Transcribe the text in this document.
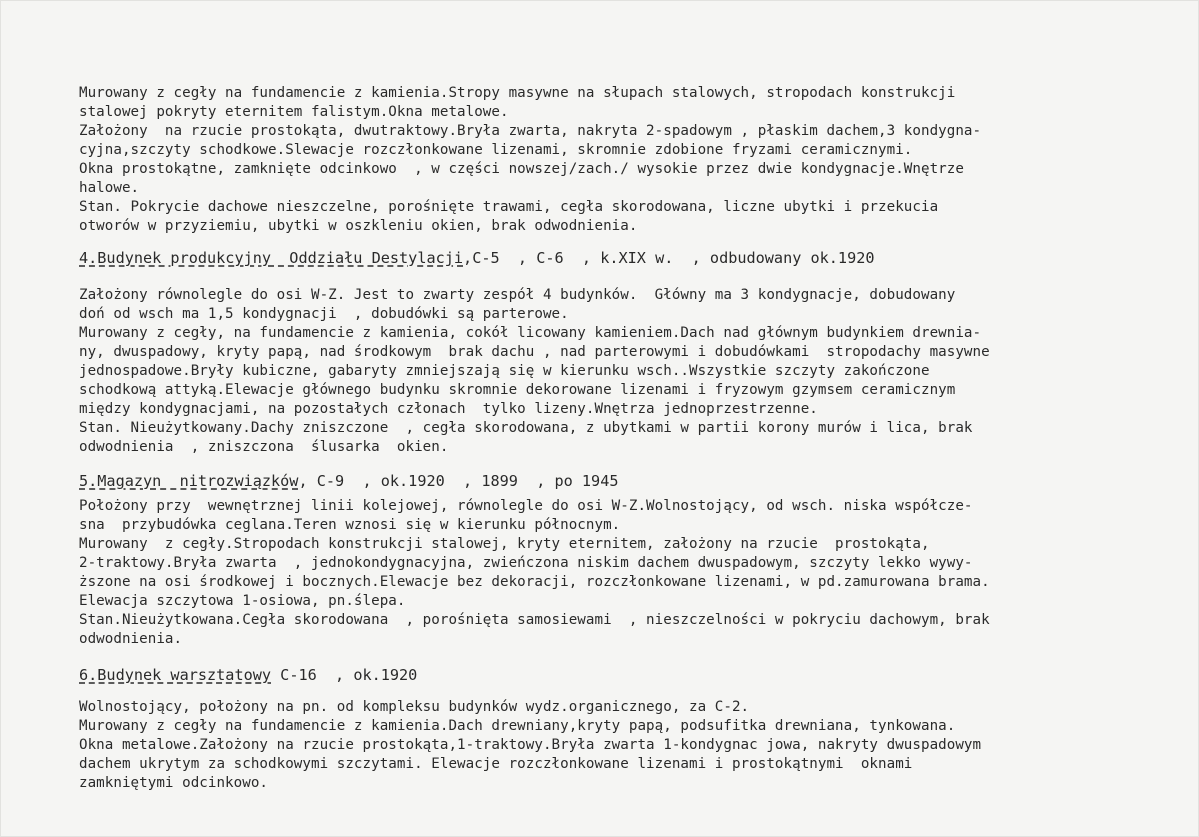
Murowany z cegły na fundamencie z kamienia.Stropy masywne na słupach stalowych, stropodach konstrukcji
stalowej pokryty eternitem falistym.Okna metalowe.
Założony  na rzucie prostokąta, dwutraktowy.Bryła zwarta, nakryta 2-spadowym , płaskim dachem,3 kondygna-
cyjna,szczyty schodkowe.Slewacje rozczłonkowane lizenami, skromnie zdobione fryzami ceramicznymi.
Okna prostokątne, zamknięte odcinkowo  , w części nowszej/zach./ wysokie przez dwie kondygnacje.Wnętrze
halowe.
Stan. Pokrycie dachowe nieszczelne, porośnięte trawami, cegła skorodowana, liczne ubytki i przekucia
otworów w przyziemiu, ubytki w oszkleniu okien, brak odwodnienia.
4.Budynek produkcyjny  Oddziału Destylacji,C-5  , C-6  , k.XIX w.  , odbudowany ok.1920
Założony równolegle do osi W-Z. Jest to zwarty zespół 4 budynków.  Główny ma 3 kondygnacje, dobudowany
doń od wsch ma 1,5 kondygnacji  , dobudówki są parterowe.
Murowany z cegły, na fundamencie z kamienia, cokół licowany kamieniem.Dach nad głównym budynkiem drewnia-
ny, dwuspadowy, kryty papą, nad środkowym  brak dachu , nad parterowymi i dobudówkami  stropodachy masywne
jednospadowe.Bryły kubiczne, gabaryty zmniejszają się w kierunku wsch..Wszystkie szczyty zakończone
schodkową attyką.Elewacje głównego budynku skromnie dekorowane lizenami i fryzowym gzymsem ceramicznym
między kondygnacjami, na pozostałych członach  tylko lizeny.Wnętrza jednoprzestrzenne.
Stan. Nieużytkowany.Dachy zniszczone  , cegła skorodowana, z ubytkami w partii korony murów i lica, brak
odwodnienia  , zniszczona  ślusarka  okien.
5.Magazyn  nitrozwiązków, C-9  , ok.1920  , 1899  , po 1945
Położony przy  wewnętrznej linii kolejowej, równolegle do osi W-Z.Wolnostojący, od wsch. niska współcze-
sna  przybudówka ceglana.Teren wznosi się w kierunku północnym.
Murowany  z cegły.Stropodach konstrukcji stalowej, kryty eternitem, założony na rzucie  prostokąta,
2-traktowy.Bryła zwarta  , jednokondygnacyjna, zwieńczona niskim dachem dwuspadowym, szczyty lekko wywy-
ższone na osi środkowej i bocznych.Elewacje bez dekoracji, rozczłonkowane lizenami, w pd.zamurowana brama.
Elewacja szczytowa 1-osiowa, pn.ślepa.
Stan.Nieużytkowana.Cegła skorodowana  , porośnięta samosiewami  , nieszczelności w pokryciu dachowym, brak
odwodnienia.
6.Budynek warsztatowy C-16  , ok.1920
Wolnostojący, położony na pn. od kompleksu budynków wydz.organicznego, za C-2.
Murowany z cegły na fundamencie z kamienia.Dach drewniany,kryty papą, podsufitka drewniana, tynkowana.
Okna metalowe.Założony na rzucie prostokąta,1-traktowy.Bryła zwarta 1-kondygnac jowa, nakryty dwuspadowym
dachem ukrytym za schodkowymi szczytami. Elewacje rozczłonkowane lizenami i prostokątnymi  oknami
zamkniętymi odcinkowo.
